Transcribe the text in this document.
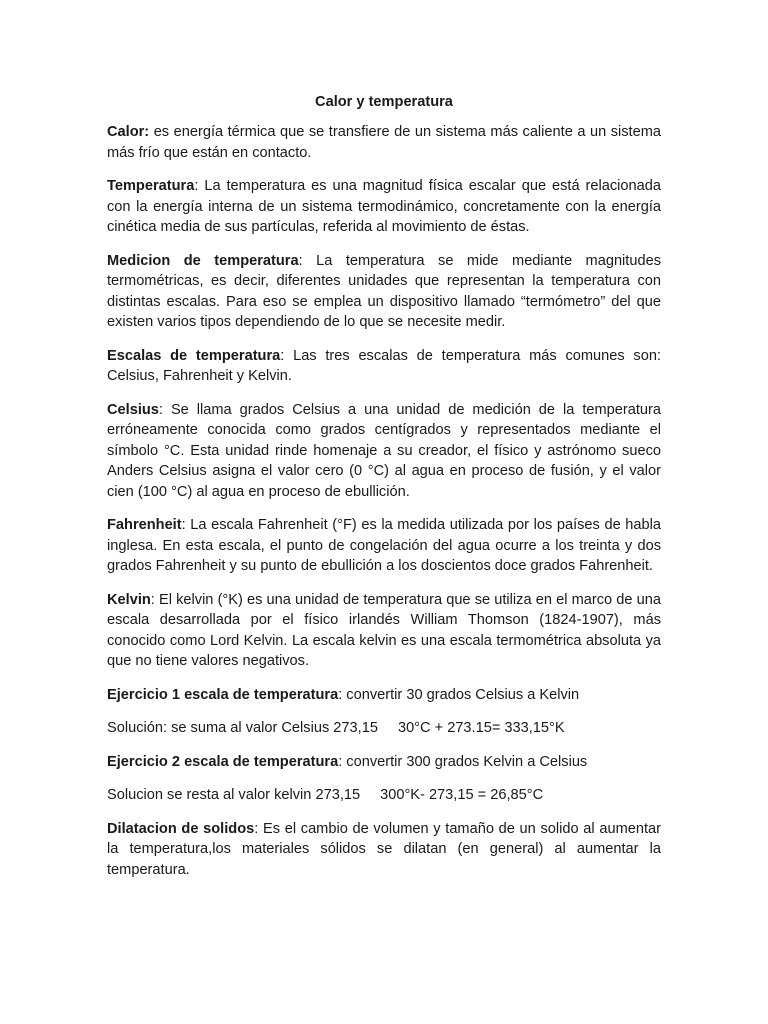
Calor y temperatura

Calor: es energía térmica que se transfiere de un sistema más caliente a un sistema más frío que están en contacto.

Temperatura: La temperatura es una magnitud física escalar que está relacionada con la energía interna de un sistema termodinámico, concretamente con la energía cinética media de sus partículas, referida al movimiento de éstas.

Medicion de temperatura: La temperatura se mide mediante magnitudes termométricas, es decir, diferentes unidades que representan la temperatura con distintas escalas. Para eso se emplea un dispositivo llamado “termómetro” del que existen varios tipos dependiendo de lo que se necesite medir.

Escalas de temperatura: Las tres escalas de temperatura más comunes son: Celsius, Fahrenheit y Kelvin.

Celsius: Se llama grados Celsius a una unidad de medición de la temperatura erróneamente conocida como grados centígrados y representados mediante el símbolo °C. Esta unidad rinde homenaje a su creador, el físico y astrónomo sueco Anders Celsius asigna el valor cero (0 °C) al agua en proceso de fusión, y el valor cien (100 °C) al agua en proceso de ebullición.

Fahrenheit: La escala Fahrenheit (°F) es la medida utilizada por los países de habla inglesa. En esta escala, el punto de congelación del agua ocurre a los treinta y dos grados Fahrenheit y su punto de ebullición a los doscientos doce grados Fahrenheit.

Kelvin: El kelvin (°K) es una unidad de temperatura que se utiliza en el marco de una escala desarrollada por el físico irlandés William Thomson (1824-1907), más conocido como Lord Kelvin. La escala kelvin es una escala termométrica absoluta ya que no tiene valores negativos.

Ejercicio 1 escala de temperatura: convertir 30 grados Celsius a Kelvin

Solución: se suma al valor Celsius 273,15 30°C + 273.15= 333,15°K

Ejercicio 2 escala de temperatura: convertir 300 grados Kelvin a Celsius

Solucion se resta al valor kelvin 273,15 300°K- 273,15 = 26,85°C

Dilatacion de solidos: Es el cambio de volumen y tamaño de un solido al aumentar la temperatura,los materiales sólidos se dilatan (en general) al aumentar la temperatura.
